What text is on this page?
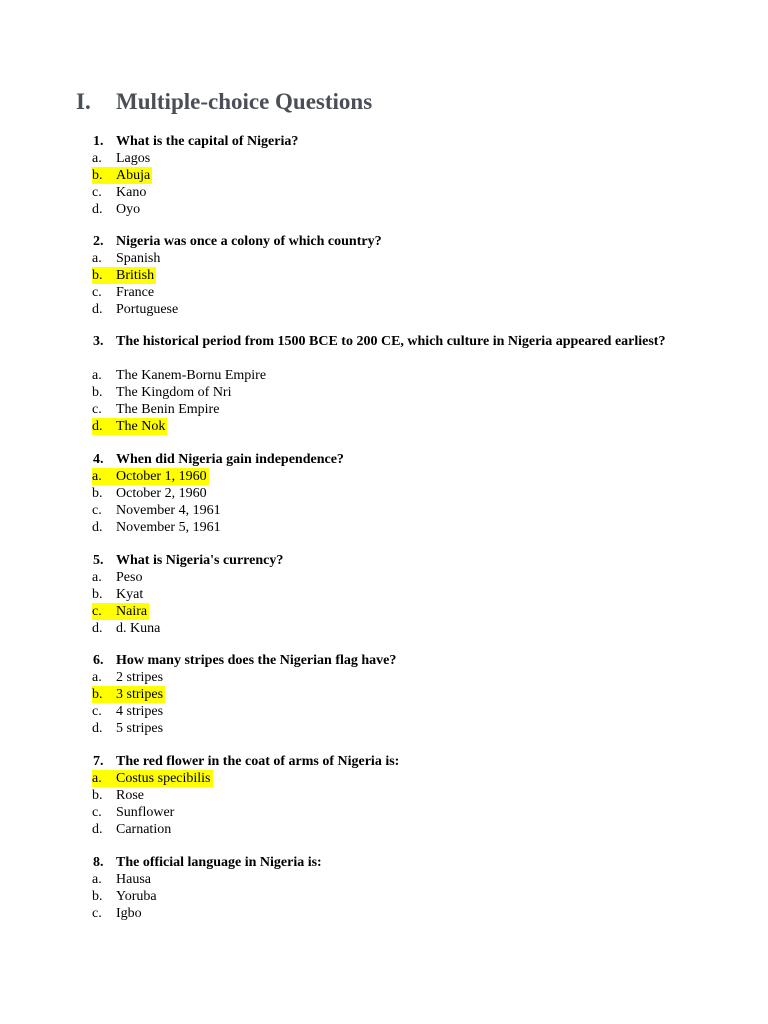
I. Multiple-choice Questions
1. What is the capital of Nigeria?
a. Lagos
b. Abuja
c. Kano
d. Oyo
2. Nigeria was once a colony of which country?
a. Spanish
b. British
c. France
d. Portuguese
3. The historical period from 1500 BCE to 200 CE, which culture in Nigeria appeared earliest?
a. The Kanem-Bornu Empire
b. The Kingdom of Nri
c. The Benin Empire
d. The Nok
4. When did Nigeria gain independence?
a. October 1, 1960
b. October 2, 1960
c. November 4, 1961
d. November 5, 1961
5. What is Nigeria's currency?
a. Peso
b. Kyat
c. Naira
d. d. Kuna
6. How many stripes does the Nigerian flag have?
a. 2 stripes
b. 3 stripes
c. 4 stripes
d. 5 stripes
7. The red flower in the coat of arms of Nigeria is:
a. Costus specibilis
b. Rose
c. Sunflower
d. Carnation
8. The official language in Nigeria is:
a. Hausa
b. Yoruba
c. Igbo
